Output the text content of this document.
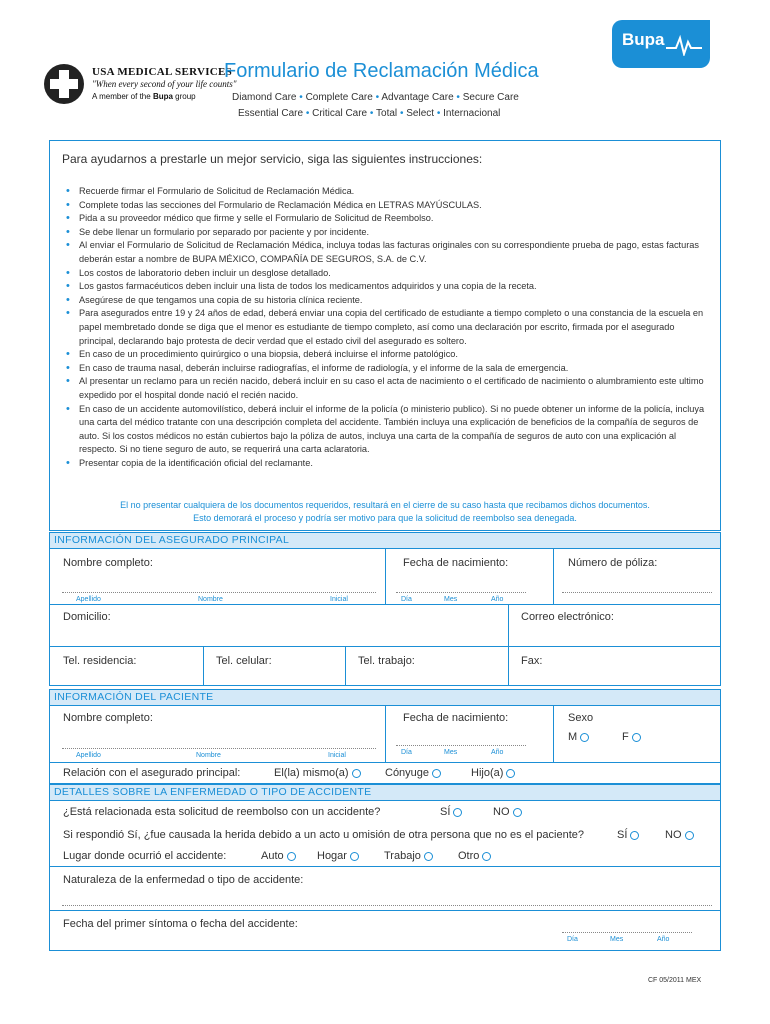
Bupa
USA MEDICAL SERVICES
"When every second of your life counts"
A member of the Bupa group
Formulario de Reclamación Médica
Diamond Care • Complete Care • Advantage Care • Secure Care
Essential Care • Critical Care • Total • Select • Internacional
Para ayudarnos a prestarle un mejor servicio, siga las siguientes instrucciones:
• Recuerde firmar el Formulario de Solicitud de Reclamación Médica.
• Complete todas las secciones del Formulario de Reclamación Médica en LETRAS MAYÚSCULAS.
• Pida a su proveedor médico que firme y selle el Formulario de Solicitud de Reembolso.
• Se debe llenar un formulario por separado por paciente y por incidente.
• Al enviar el Formulario de Solicitud de Reclamación Médica, incluya todas las facturas originales con su correspondiente prueba de pago, estas facturas deberán estar a nombre de BUPA MÉXICO, COMPAÑÍA DE SEGUROS, S.A. de C.V.
• Los costos de laboratorio deben incluir un desglose detallado.
• Los gastos farmacéuticos deben incluir una lista de todos los medicamentos adquiridos y una copia de la receta.
• Asegúrese de que tengamos una copia de su historia clínica reciente.
• Para asegurados entre 19 y 24 años de edad, deberá enviar una copia del certificado de estudiante a tiempo completo o una constancia de la escuela en papel membretado donde se diga que el menor es estudiante de tiempo completo, así como una declaración por escrito, firmada por el asegurado principal, declarando bajo protesta de decir verdad que el estado civil del asegurado es soltero.
• En caso de un procedimiento quirúrgico o una biopsia, deberá incluirse el informe patológico.
• En caso de trauma nasal, deberán incluirse radiografías, el informe de radiología, y el informe de la sala de emergencia.
• Al presentar un reclamo para un recién nacido, deberá incluir en su caso el acta de nacimiento o el certificado de nacimiento o alumbramiento este ultimo expedido por el hospital donde nació el recién nacido.
• En caso de un accidente automovilístico, deberá incluir el informe de la policía (o ministerio publico). Si no puede obtener un informe de la policía, incluya una carta del médico tratante con una descripción completa del accidente. También incluya una explicación de beneficios de la compañía de seguros de auto. Si los costos médicos no están cubiertos bajo la póliza de autos, incluya una carta de la compañía de seguros de auto con una explicación al respecto. Si no tiene seguro de auto, se requerirá una carta aclaratoria.
• Presentar copia de la identificación oficial del reclamante.
El no presentar cualquiera de los documentos requeridos, resultará en el cierre de su caso hasta que recibamos dichos documentos.
Esto demorará el proceso y podría ser motivo para que la solicitud de reembolso sea denegada.
INFORMACIÓN DEL ASEGURADO PRINCIPAL
Nombre completo:	Fecha de nacimiento:	Número de póliza:
Apellido	Nombre	Inicial	Día	Mes	Año
Domicilio:	Correo electrónico:
Tel. residencia:	Tel. celular:	Tel. trabajo:	Fax:
INFORMACIÓN DEL PACIENTE
Nombre completo:	Fecha de nacimiento:	Sexo
M	F
Apellido	Nombre	Inicial	Día	Mes	Año
Relación con el asegurado principal:	El(la) mismo(a)	Cónyuge	Hijo(a)
DETALLES SOBRE LA ENFERMEDAD O TIPO DE ACCIDENTE
¿Está relacionada esta solicitud de reembolso con un accidente?	SÍ	NO
Si respondió Sí, ¿fue causada la herida debido a un acto u omisión de otra persona que no es el paciente?	SÍ	NO
Lugar donde ocurrió el accidente:	Auto	Hogar	Trabajo	Otro
Naturaleza de la enfermedad o tipo de accidente:
Fecha del primer síntoma o fecha del accidente:
Día	Mes	Año
CF 05/2011 MEX
